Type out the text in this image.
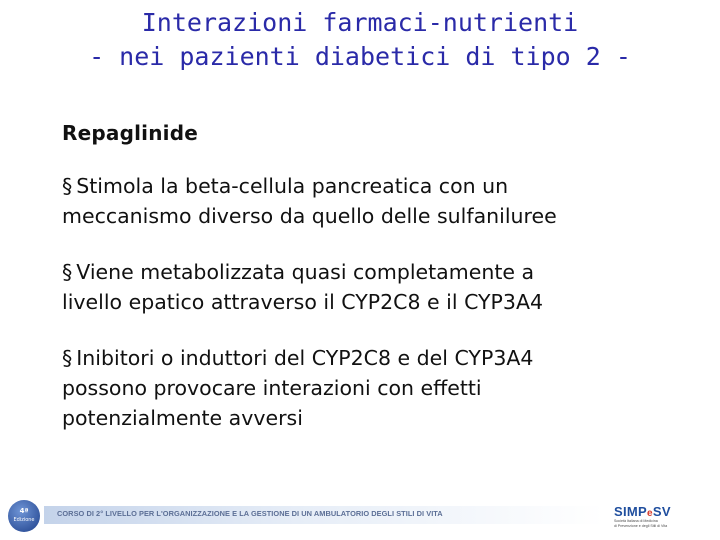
Interazioni farmaci-nutrienti
- nei pazienti diabetici di tipo 2 -
Repaglinide
§ Stimola la beta-cellula pancreatica con un
meccanismo diverso da quello delle sulfaniluree
§ Viene metabolizzata quasi completamente a
livello epatico attraverso il CYP2C8 e il CYP3A4
§ Inibitori o induttori del CYP2C8 e del CYP3A4
possono provocare interazioni con effetti
potenzialmente avversi
4ª
Edizione
CORSO DI 2° LIVELLO PER L'ORGANIZZAZIONE E LA GESTIONE DI UN AMBULATORIO DEGLI STILI DI VITA	SIMPeSV
Società Italiana di Medicina
di Prevenzione e degli Stili di Vita
